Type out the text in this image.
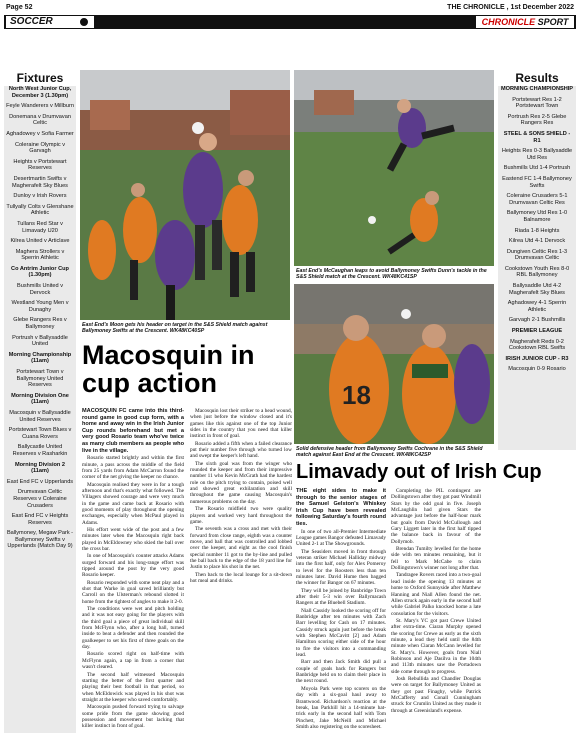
Page 52	THE CHRONICLE , 1st December 2022
SOCCER	CHRONICLE SPORT
Fixtures
North West Junior Cup, December 3 (1.30pm)
Feyle Wanderers v Millburn
Donemana v Drumvavan Celtic
Aghadowey v Sofia Farmer
Coleraine Olympic v Garvagh
Heights v Portstewart Reserves
Desertmartin Swifts v Magherafelt Sky Blues
Dunloy v Irish Rovers
Tullyally Colts v Glenshane Athletic
Tullans Red Star v Limavady U20
Kilrea United v Articlave
Maghera Strollers v Sperrin Athletic
Co Antrim Junior Cup (1.30pm)
Bushmills United v Dervock
Westland Young Men v Dunaghy
Glebe Rangers Res v Ballymoney
Portrush v Ballysaddle United
Morning Championship (11am)
Portstewart Town v Ballymoney United Reserves
Morning Division One (11am)
Macosquin v Ballysaddle United Reserves
Portstewart Town Blues v Cuana Rovers
Ballycastle United Reserves v Rasharkin
Morning Division 2 (11am)
East End FC v Upperlands
Drumvavan Celtic Reserves v Coleraine Crusaders
East End FC v Heights Reserves
Ballymoney, Megaw Park - Ballymoney Swifts v Upperlands (Match Day 9)
Results
MORNING CHAMPIONSHIP
Portstewart Res 1-2 Portstewart Town
Portrush Res 2-5 Glebe Rangers Res
STEEL & SONS SHIELD - R1
Heights Res 0-3 Ballysaddle Utd Res
Bushmills Utd 1-4 Portrush
Eastend FC 1-4 Ballymoney Swifts
Coleraine Crusaders 5-1 Drumvavan Celtic Res
Ballymoney Utd Res 1-0 Balnamore
Riada 1-8 Heights
Kilrea Utd 4-1 Dervock
Dungiven Celtic Res 1-3 Drumvavan Celtic
Cookstown Youth Res 8-0 RBL Ballymoney
Ballysaddle Utd 4-2 Magherafelt Sky Blues
Aghadowey 4-1 Sperrin Athletic
Garvagh 2-1 Bushmills
PREMIER LEAGUE
Magherafelt Reds 0-2 Cookstown RBL Swifts
IRISH JUNIOR CUP - R3
Macosquin 0-9 Rosario
East End's Moon gets his header on target in the S&S Shield match against Ballymoney Swifts at the Crescent. WK48KC40SP
East End's McCaughan leaps to avoid Ballymoney Swifts Dunn's tackle in the S&S Shield match at the Crescent. WK48KC41SP
18
Solid defensive header from Ballymoney Swifts Cochrane in the S&S Shield match against East End at the Crescent. WK48KC42SP
Macosquin in cup action

MACOSQUIN FC came into this third-round game in good cup form, with a home and away win in the Irish Junior Cup rounds beforehand but met a very good Rosario team who've twice as many club members as people who live in the village.

Rosario started brightly and within the first minute, a pass across the middle of the field from 25 yards from Adam McCarron found the corner of the net giving the keeper no chance.

Macosquin realised they were in for a tough afternoon and that's exactly what followed. The Villagers showed courage and were very much in the game and came back at Rosario with good moments of play throughout the opening exchanges, especially when McPaul played in Adams.

His effort went wide of the post and a few minutes later when the Macosquin right back played in McEldowney who skied the ball over the cross bar.

In one of Macosquin's counter attacks Adams surged forward and his long-range effort was tipped around the post by the very good Rosario keeper.

Rosario responded with some neat play and a shot that Warke in goal saved brilliantly but Carroll on the Ulsterman's rebound slotted it home from the tightest of angles to make it 2-0.

The conditions were wet and pitch holding and it was not easy going for the players with the third goal a piece of great individual skill from McFlynn who, after a long ball, turned inside to beat a defender and then rounded the goalkeeper to set his first of three goals on the day.

Rosario scored right on half-time with McFlynn again, a tap in from a corner that wasn't cleared.

The second half witnessed Macosquin starting the better of the first quarter and playing their best football in that period, so when McEldowick was played in his shot was straight at the keeper who saved comfortably.

Macosquin pushed forward trying to salvage some pride from the game showing good possession and movement but lacking that killer instinct in front of goal.

Macosquin lost their striker to a head wound, when just before the window closed and it's games like this against one of the top Junior sides in the country that you need that killer instinct in front of goal.

Rosario added a fifth when a failed clearance put their number five through who turned low and swept the keeper's left hand.

The sixth goal was from the winger who rounded the keeper and from their impressive number 11 who Kevin McGrath had the hardest role on the pitch trying to contain, poised well and showed great exhilaration and skill throughout the game causing Macosquin's numerous problems on the day.

The Rosario midfield two were quality players and worked very hard throughout the game.

The seventh was a cross and met with their forward from close range, eighth was a counter move, and ball that was controlled and lobbed over the keeper, and eight as the cool finish special number 11 got to the by-line and pulled the ball back to the edge of the 18 yard line for Justin to place his shot in the net.

Then back to the local lounge for a sit-down hot meal and drinks.

Limavady out of Irish Cup

THE eight sides to make it through to the senior stages of the Samuel Gelston's Whiskey Irish Cup have been revealed following Saturday's fourth round ties.

In one of two all-Premier Intermediate League games Bangor defeated Limavady United 2-1 at The Showgrounds.

The Seasiders moved in front through veteran striker Michael Halliday midway into the first half, only for Alex Pomeroy to level for the Roosters less than ten minutes later. David Hume then bagged the winner for Bangor on 67 minutes.

They will be joined by Banbridge Town after their 5-3 win over Ballymacash Rangers at the Bluebell Stadium.

Niall Cassidy looked the scoring off for Banbridge after ten minutes with Zach Barr levelling for Cash on 17 minutes. Cassidy struck again just before the break with Stephen McCavitt [2] and Adam Hamilton scoring either side of the hour to fire the visitors into a commanding lead.

Barr and then Jack Smith did pull a couple of goals back for Rangers but Banbridge held on to claim their place in the next round.

Moyola Park were top scorers on the day with a six-goal haul away to Brantwood. Richardson's reaction at the break, Ian Parkhill hit a 14-minute hat-trick early in the second half with Tom Pinchett, Jake McNeill and Michael Smith also registering on the scoresheet.

Completing the PIL contingent are Dollingstown after they got past Windmill Stars by the odd goal in five. Joseph McLaughlin had given Stars the advantage just before the half-hour mark but goals from David McCullough and Gary Liggett later in the first half tipped the balance back in favour of the Dollymob.

Brendan Tumilty levelled for the home side with ten minutes remaining, but it fell to Mark McCabe to claim Dollingstown's winner not long after that.

Tandragee Rovers raced into a two-goal lead inside the opening 13 minutes at home to Oxford Sunnyside after Matthew Hanning and Niall Allen found the net. Allen struck again early in the second half while Gabriel Palko knocked home a late consolation for the visitors.

St. Mary's YC got past Crewe United after extra-time. Ciaran Murphy opened the scoring for Crewe as early as the sixth minute, a lead they held until the 84th minute when Ciaran McCann levelled for St. Mary's. However, goals from Niall Robinson and Aje Dasilva in the 104th and 113th minutes saw the Portadown side come through to progress.

Josh Rebullida and Chandler Douglas were on target for Ballymoney United as they got past Finaghy, while Patrick McCafferty and Conall Cunningham struck for Crumlin United as they made it through at Greenisland's expense.
